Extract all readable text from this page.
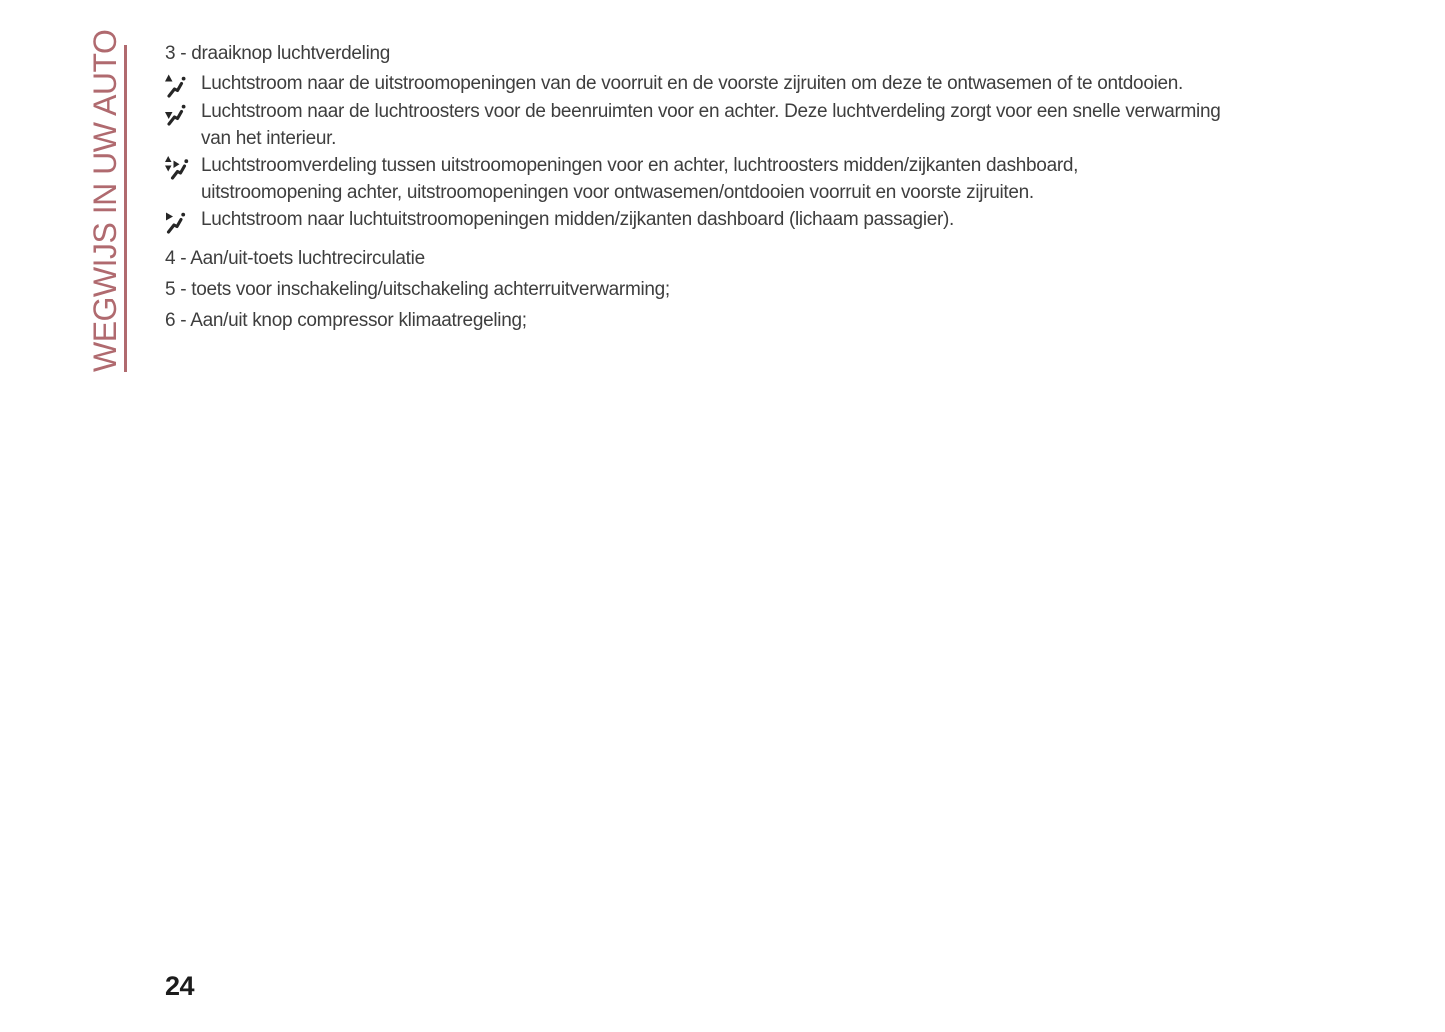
WEGWIJS IN UW AUTO 3 - draaiknop luchtverdeling
Luchtstroom naar de uitstroomopeningen van de voorruit en de voorste zijruiten om deze te ontwasemen of te ontdooien.
Luchtstroom naar de luchtroosters voor de beenruimten voor en achter. Deze luchtverdeling zorgt voor een snelle verwarming
van het interieur.
Luchtstroomverdeling tussen uitstroomopeningen voor en achter, luchtroosters midden/zijkanten dashboard,
uitstroomopening achter, uitstroomopeningen voor ontwasemen/ontdooien voorruit en voorste zijruiten.
Luchtstroom naar luchtuitstroomopeningen midden/zijkanten dashboard (lichaam passagier).
4 - Aan/uit-toets luchtrecirculatie
5 - toets voor inschakeling/uitschakeling achterruitverwarming;
6 - Aan/uit knop compressor klimaatregeling;
24
